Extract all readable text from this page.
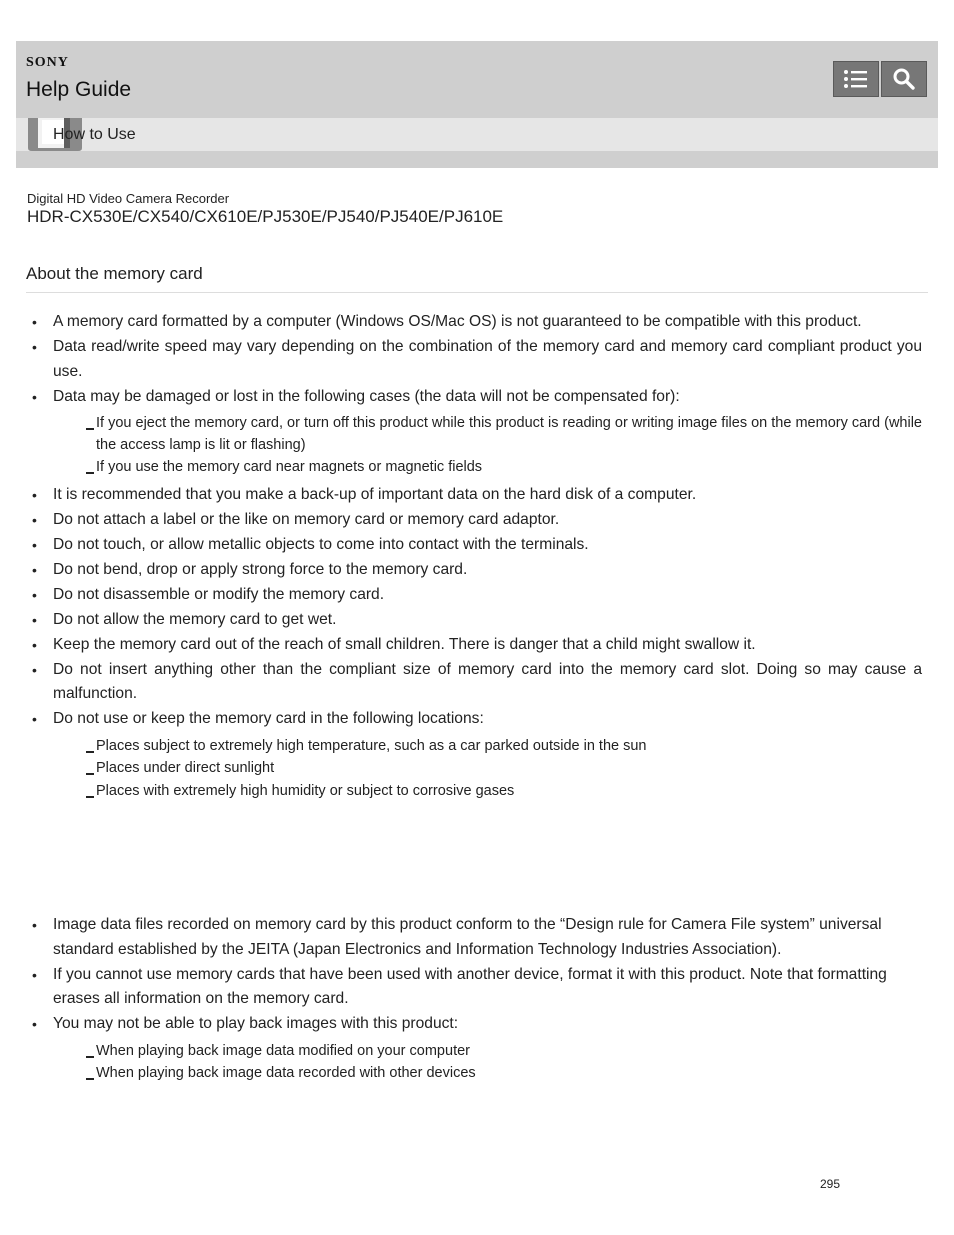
SONY
Help Guide
How to Use
Digital HD Video Camera Recorder
HDR-CX530E/CX540/CX610E/PJ530E/PJ540/PJ540E/PJ610E
About the memory card
• A memory card formatted by a computer (Windows OS/Mac OS) is not guaranteed to be compatible with this product.
• Data read/write speed may vary depending on the combination of the memory card and memory card compliant product you use.
• Data may be damaged or lost in the following cases (the data will not be compensated for):
If you eject the memory card, or turn off this product while this product is reading or writing image files on the memory card (while the access lamp is lit or flashing)
If you use the memory card near magnets or magnetic fields
• It is recommended that you make a back-up of important data on the hard disk of a computer.
• Do not attach a label or the like on memory card or memory card adaptor.
• Do not touch, or allow metallic objects to come into contact with the terminals.
• Do not bend, drop or apply strong force to the memory card.
• Do not disassemble or modify the memory card.
• Do not allow the memory card to get wet.
• Keep the memory card out of the reach of small children. There is danger that a child might swallow it.
• Do not insert anything other than the compliant size of memory card into the memory card slot. Doing so may cause a malfunction.
• Do not use or keep the memory card in the following locations:
Places subject to extremely high temperature, such as a car parked outside in the sun
Places under direct sunlight
Places with extremely high humidity or subject to corrosive gases
• Image data files recorded on memory card by this product conform to the “Design rule for Camera File system” universal standard established by the JEITA (Japan Electronics and Information Technology Industries Association).
• If you cannot use memory cards that have been used with another device, format it with this product. Note that formatting erases all information on the memory card.
• You may not be able to play back images with this product:
When playing back image data modified on your computer
When playing back image data recorded with other devices
295
